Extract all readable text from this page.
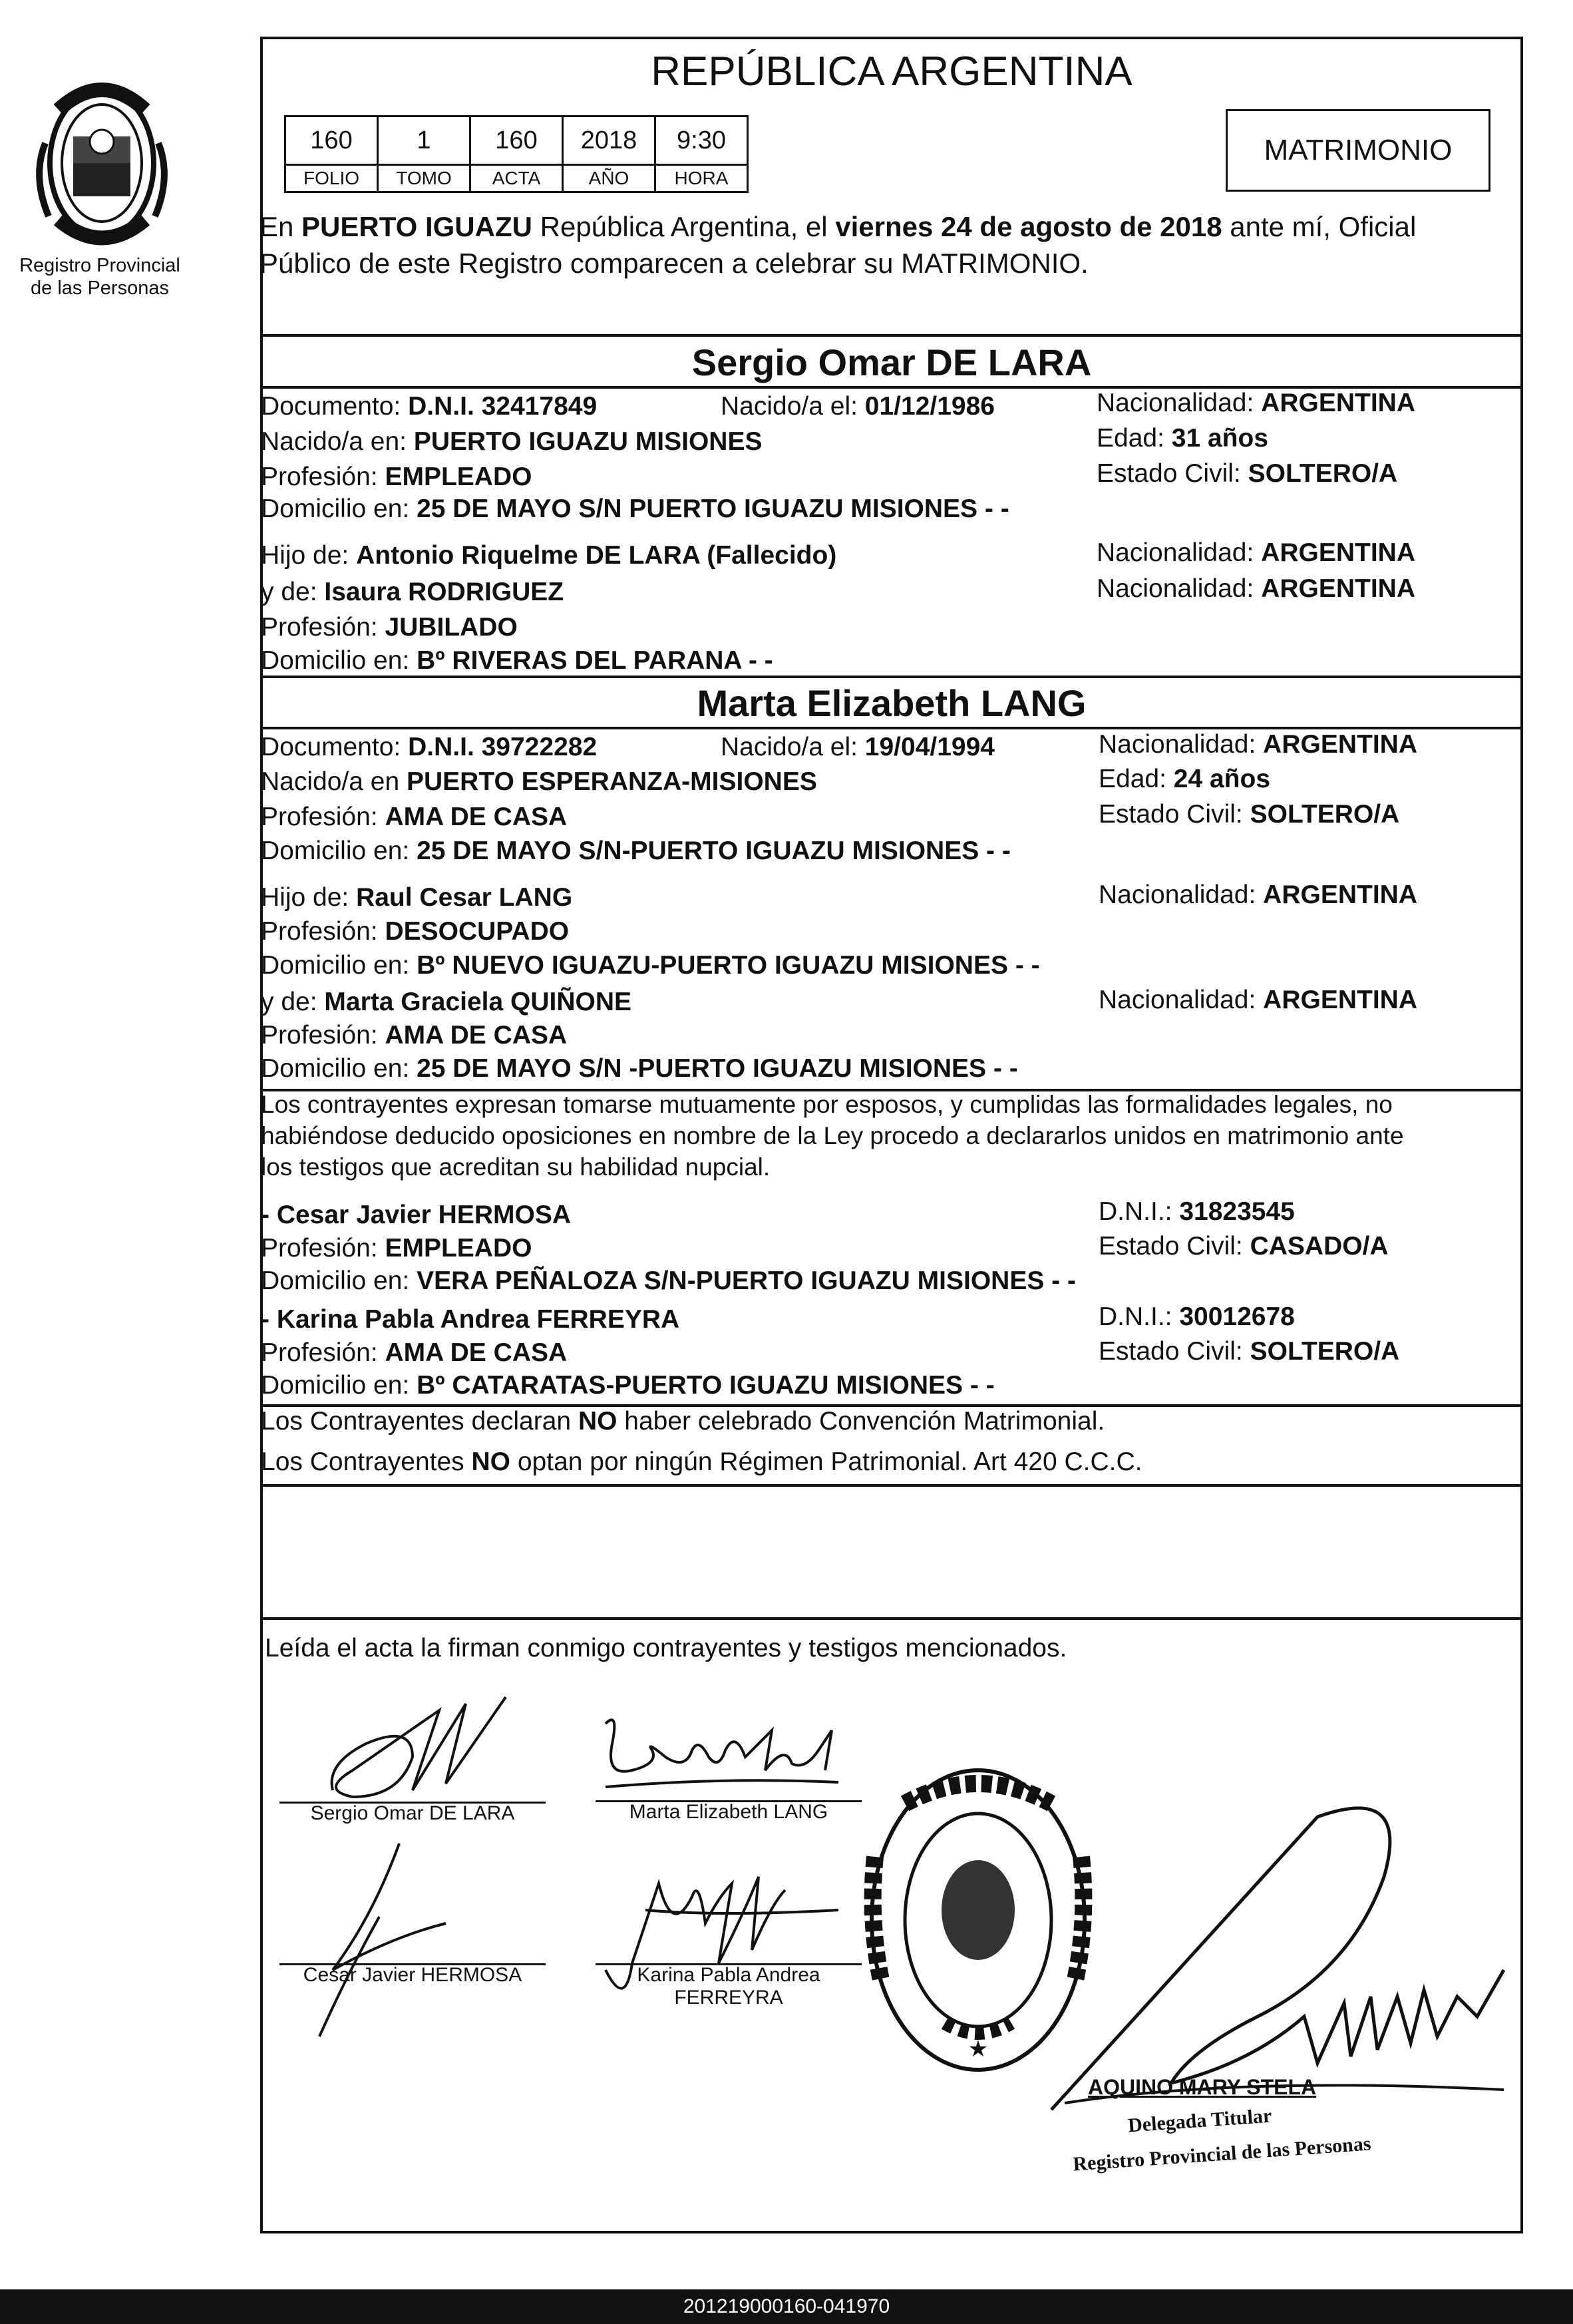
Registro Provincial
de las Personas
REPÚBLICA ARGENTINA
160	1	160	2018	9:30
FOLIO	TOMO	ACTA	AÑO	HORA
MATRIMONIO
En PUERTO IGUAZU República Argentina, el viernes 24 de agosto de 2018 ante mí, Oficial
Público de este Registro comparecen a celebrar su MATRIMONIO.
Sergio Omar DE LARA
Documento: D.N.I. 32417849	Nacido/a el: 01/12/1986	Nacionalidad: ARGENTINA
Nacido/a en: PUERTO IGUAZU MISIONES	Edad: 31 años
Profesión: EMPLEADO	Estado Civil: SOLTERO/A
Domicilio en: 25 DE MAYO S/N PUERTO IGUAZU MISIONES - -
Hijo de: Antonio Riquelme DE LARA (Fallecido)	Nacionalidad: ARGENTINA
y de: Isaura RODRIGUEZ	Nacionalidad: ARGENTINA
Profesión: JUBILADO
Domicilio en: Bº RIVERAS DEL PARANA - -
Marta Elizabeth LANG
Documento: D.N.I. 39722282	Nacido/a el: 19/04/1994	Nacionalidad: ARGENTINA
Nacido/a en PUERTO ESPERANZA-MISIONES	Edad: 24 años
Profesión: AMA DE CASA	Estado Civil: SOLTERO/A
Domicilio en: 25 DE MAYO S/N-PUERTO IGUAZU MISIONES - -
Hijo de: Raul Cesar LANG	Nacionalidad: ARGENTINA
Profesión: DESOCUPADO
Domicilio en: Bº NUEVO IGUAZU-PUERTO IGUAZU MISIONES - -
y de: Marta Graciela QUIÑONE	Nacionalidad: ARGENTINA
Profesión: AMA DE CASA
Domicilio en: 25 DE MAYO S/N -PUERTO IGUAZU MISIONES - -
Los contrayentes expresan tomarse mutuamente por esposos, y cumplidas las formalidades legales, no
habiéndose deducido oposiciones en nombre de la Ley procedo a declararlos unidos en matrimonio ante
los testigos que acreditan su habilidad nupcial.
- Cesar Javier HERMOSA	D.N.I.: 31823545
Profesión: EMPLEADO	Estado Civil: CASADO/A
Domicilio en: VERA PEÑALOZA S/N-PUERTO IGUAZU MISIONES - -
- Karina Pabla Andrea FERREYRA	D.N.I.: 30012678
Profesión: AMA DE CASA	Estado Civil: SOLTERO/A
Domicilio en: Bº CATARATAS-PUERTO IGUAZU MISIONES - -
Los Contrayentes declaran NO haber celebrado Convención Matrimonial.
Los Contrayentes NO optan por ningún Régimen Patrimonial. Art 420 C.C.C.
Leída el acta la firman conmigo contrayentes y testigos mencionados.
Sergio Omar DE LARA	Marta Elizabeth LANG
Cesar Javier HERMOSA	Karina Pabla Andrea
FERREYRA
★
AQUINO MARY STELA
Delegada Titular
Registro Provincial de las Personas
201219000160-041970
